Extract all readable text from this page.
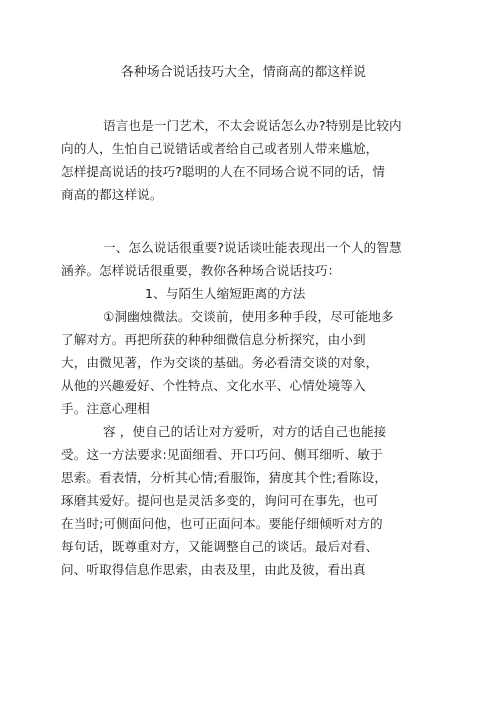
各种场合说话技巧大全，情商高的都这样说
语言也是一门艺术，不太会说话怎么办?特别是比较内
向的人，生怕自己说错话或者给自己或者别人带来尴尬，
怎样提高说话的技巧?聪明的人在不同场合说不同的话，情
商高的都这样说。
一、怎么说话很重要?说话谈吐能表现出一个人的智慧
涵养。怎样说话很重要，教你各种场合说话技巧：
1、与陌生人缩短距离的方法
①洞幽烛微法。交谈前，使用多种手段，尽可能地多
了解对方。再把所获的种种细微信息分析探究，由小到
大，由微见著，作为交谈的基础。务必看清交谈的对象，
从他的兴趣爱好、个性特点、文化水平、心情处境等入
手。注意心理相
容 ，使自己的话让对方爱听，对方的话自己也能接
受。这一方法要求:见面细看、开口巧问、侧耳细听、敏于
思索。看表情，分析其心情;看服饰，猜度其个性;看陈设，
琢磨其爱好。提问也是灵活多变的，询问可在事先，也可
在当时;可侧面问他，也可正面问本。要能仔细倾听对方的
每句话，既尊重对方，又能调整自己的谈话。最后对看、
问、听取得信息作思索，由表及里，由此及彼，看出真
